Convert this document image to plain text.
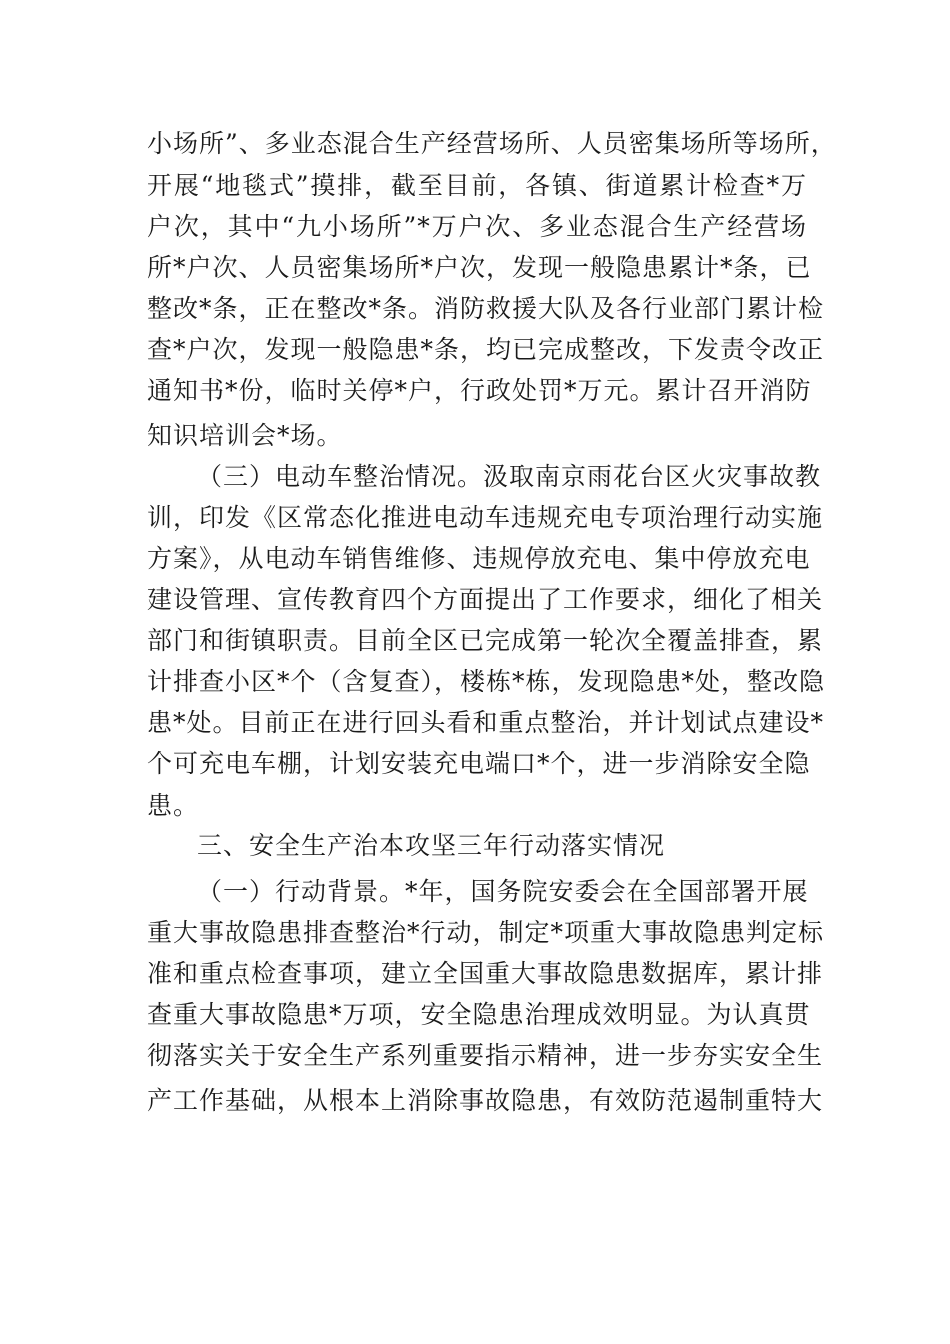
小场所”、多业态混合生产经营场所、人员密集场所等场所，
开展“地毯式”摸排，截至目前，各镇、街道累计检查*万
户次，其中“九小场所”*万户次、多业态混合生产经营场
所*户次、人员密集场所*户次，发现一般隐患累计*条，已
整改*条，正在整改*条。消防救援大队及各行业部门累计检
查*户次，发现一般隐患*条，均已完成整改，下发责令改正
通知书*份，临时关停*户，行政处罚*万元。累计召开消防
知识培训会*场。
（三）电动车整治情况。汲取南京雨花台区火灾事故教
训，印发《区常态化推进电动车违规充电专项治理行动实施
方案》，从电动车销售维修、违规停放充电、集中停放充电
建设管理、宣传教育四个方面提出了工作要求，细化了相关
部门和街镇职责。目前全区已完成第一轮次全覆盖排查，累
计排查小区*个（含复查），楼栋*栋，发现隐患*处，整改隐
患*处。目前正在进行回头看和重点整治，并计划试点建设*
个可充电车棚，计划安装充电端口*个，进一步消除安全隐
患。
三、安全生产治本攻坚三年行动落实情况
（一）行动背景。*年，国务院安委会在全国部署开展
重大事故隐患排查整治*行动，制定*项重大事故隐患判定标
准和重点检查事项，建立全国重大事故隐患数据库，累计排
查重大事故隐患*万项，安全隐患治理成效明显。为认真贯
彻落实关于安全生产系列重要指示精神，进一步夯实安全生
产工作基础，从根本上消除事故隐患，有效防范遏制重特大
